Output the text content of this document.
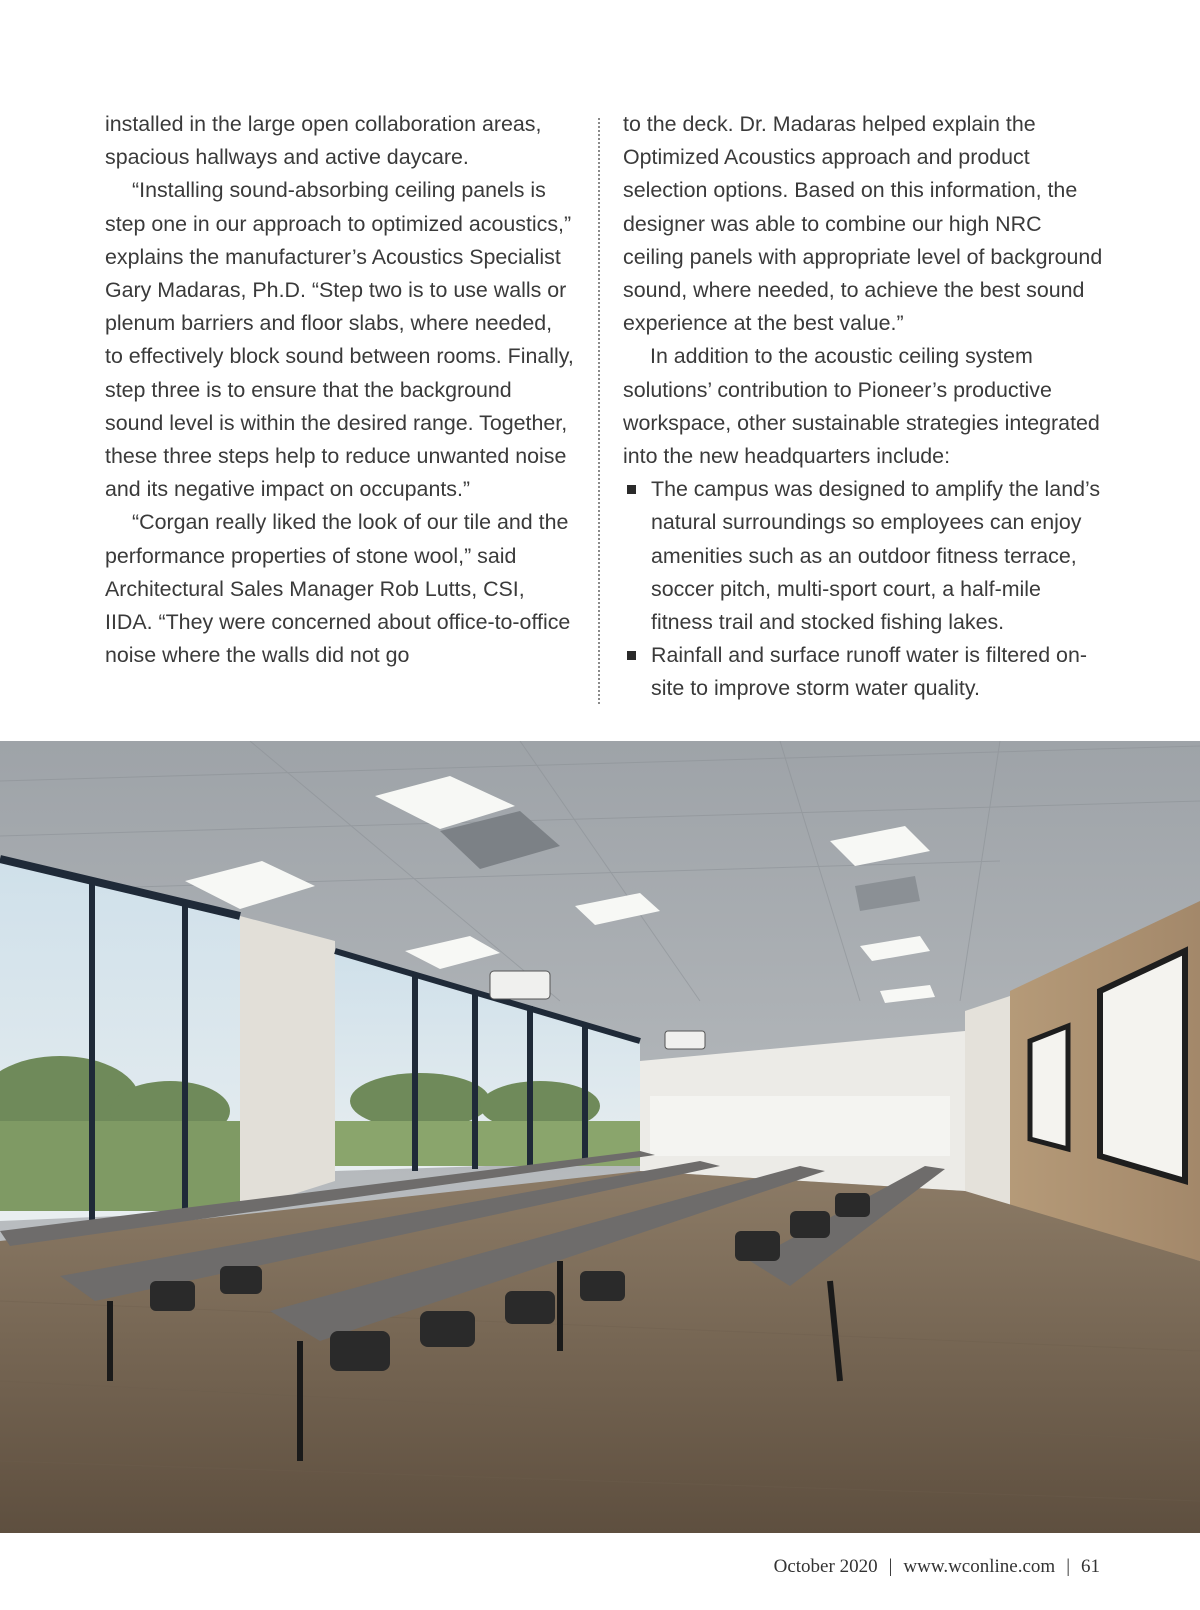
installed in the large open collaboration areas, spacious hallways and active daycare.

“Installing sound-absorbing ceiling panels is step one in our approach to optimized acoustics,” explains the manufacturer’s Acoustics Specialist Gary Madaras, Ph.D. “Step two is to use walls or plenum barriers and floor slabs, where needed, to effectively block sound between rooms. Finally, step three is to ensure that the background sound level is within the desired range. Together, these three steps help to reduce unwanted noise and its negative impact on occupants.”

“Corgan really liked the look of our tile and the performance properties of stone wool,” said Architectural Sales Manager Rob Lutts, CSI, IIDA. “They were concerned about office-to-office noise where the walls did not go

to the deck. Dr. Madaras helped explain the Optimized Acoustics approach and product selection options. Based on this information, the designer was able to combine our high NRC ceiling panels with appropriate level of background sound, where needed, to achieve the best sound experience at the best value.”

In addition to the acoustic ceiling system solutions’ contribution to Pioneer’s productive workspace, other sustainable strategies integrated into the new headquarters include:

The campus was designed to amplify the land’s natural surroundings so employees can enjoy amenities such as an outdoor fitness terrace, soccer pitch, multi-sport court, a half-mile fitness trail and stocked fishing lakes.
Rainfall and surface runoff water is filtered on-site to improve storm water quality.
October 2020 | www.wconline.com | 61
